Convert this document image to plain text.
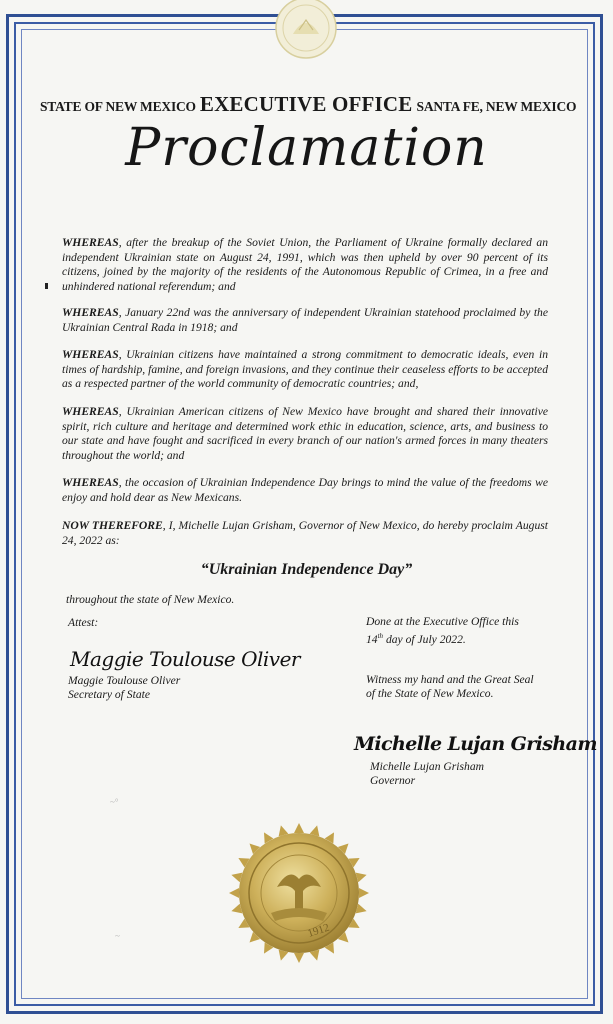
STATE OF NEW MEXICO EXECUTIVE OFFICE SANTA FE, NEW MEXICO
Proclamation
WHEREAS, after the breakup of the Soviet Union, the Parliament of Ukraine formally declared an independent Ukrainian state on August 24, 1991, which was then upheld by over 90 percent of its citizens, joined by the majority of the residents of the Autonomous Republic of Crimea, in a free and unhindered national referendum; and
WHEREAS, January 22nd was the anniversary of independent Ukrainian statehood proclaimed by the Ukrainian Central Rada in 1918; and
WHEREAS, Ukrainian citizens have maintained a strong commitment to democratic ideals, even in times of hardship, famine, and foreign invasions, and they continue their ceaseless efforts to be accepted as a respected partner of the world community of democratic countries; and,
WHEREAS, Ukrainian American citizens of New Mexico have brought and shared their innovative spirit, rich culture and heritage and determined work ethic in education, science, arts, and business to our state and have fought and sacrificed in every branch of our nation's armed forces in many theaters throughout the world; and
WHEREAS, the occasion of Ukrainian Independence Day brings to mind the value of the freedoms we enjoy and hold dear as New Mexicans.
NOW THEREFORE, I, Michelle Lujan Grisham, Governor of New Mexico, do hereby proclaim August 24, 2022 as:
“Ukrainian Independence Day”
throughout the state of New Mexico.
Attest:	Done at the Executive Office this
14th day of July 2022.
Maggie Toulouse Oliver
Maggie Toulouse Oliver
Secretary of State
Witness my hand and the Great Seal
of the State of New Mexico.
Michelle Lujan Grisham
Michelle Lujan Grisham
Governor
~°
~	1912
